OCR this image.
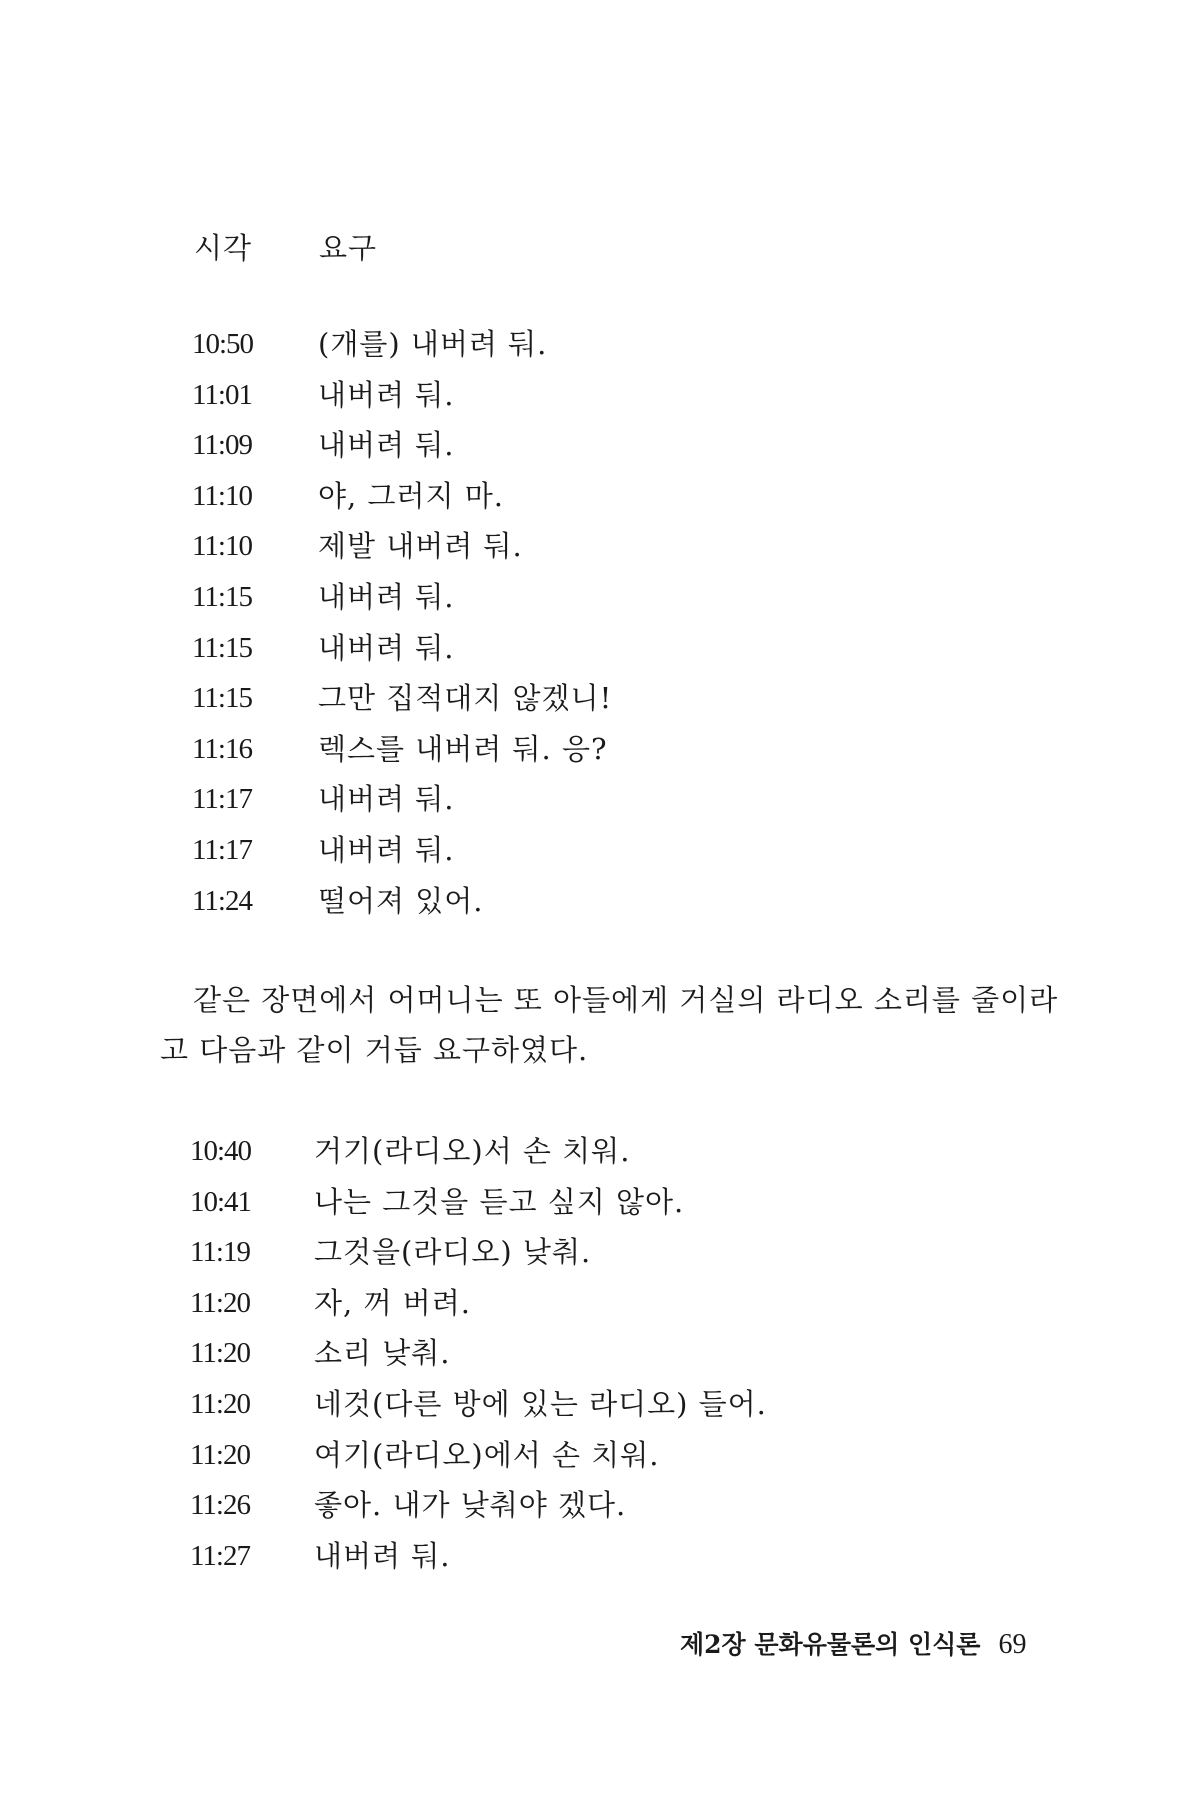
시각 요구
10:50	(개를) 내버려 둬.
11:01	내버려 둬.
11:09	내버려 둬.
11:10	야, 그러지 마.
11:10	제발 내버려 둬.
11:15	내버려 둬.
11:15	내버려 둬.
11:15	그만 집적대지 않겠니!
11:16	렉스를 내버려 둬. 응?
11:17	내버려 둬.
11:17	내버려 둬.
11:24	떨어져 있어.
같은 장면에서 어머니는 또 아들에게 거실의 라디오 소리를 줄이라고 다음과 같이 거듭 요구하였다.
10:40	거기(라디오)서 손 치워.
10:41	나는 그것을 듣고 싶지 않아.
11:19	그것을(라디오) 낮춰.
11:20	자, 꺼 버려.
11:20	소리 낮춰.
11:20	네것(다른 방에 있는 라디오) 들어.
11:20	여기(라디오)에서 손 치워.
11:26	좋아. 내가 낮춰야 겠다.
11:27	내버려 둬.
제2장 문화유물론의 인식론 69
